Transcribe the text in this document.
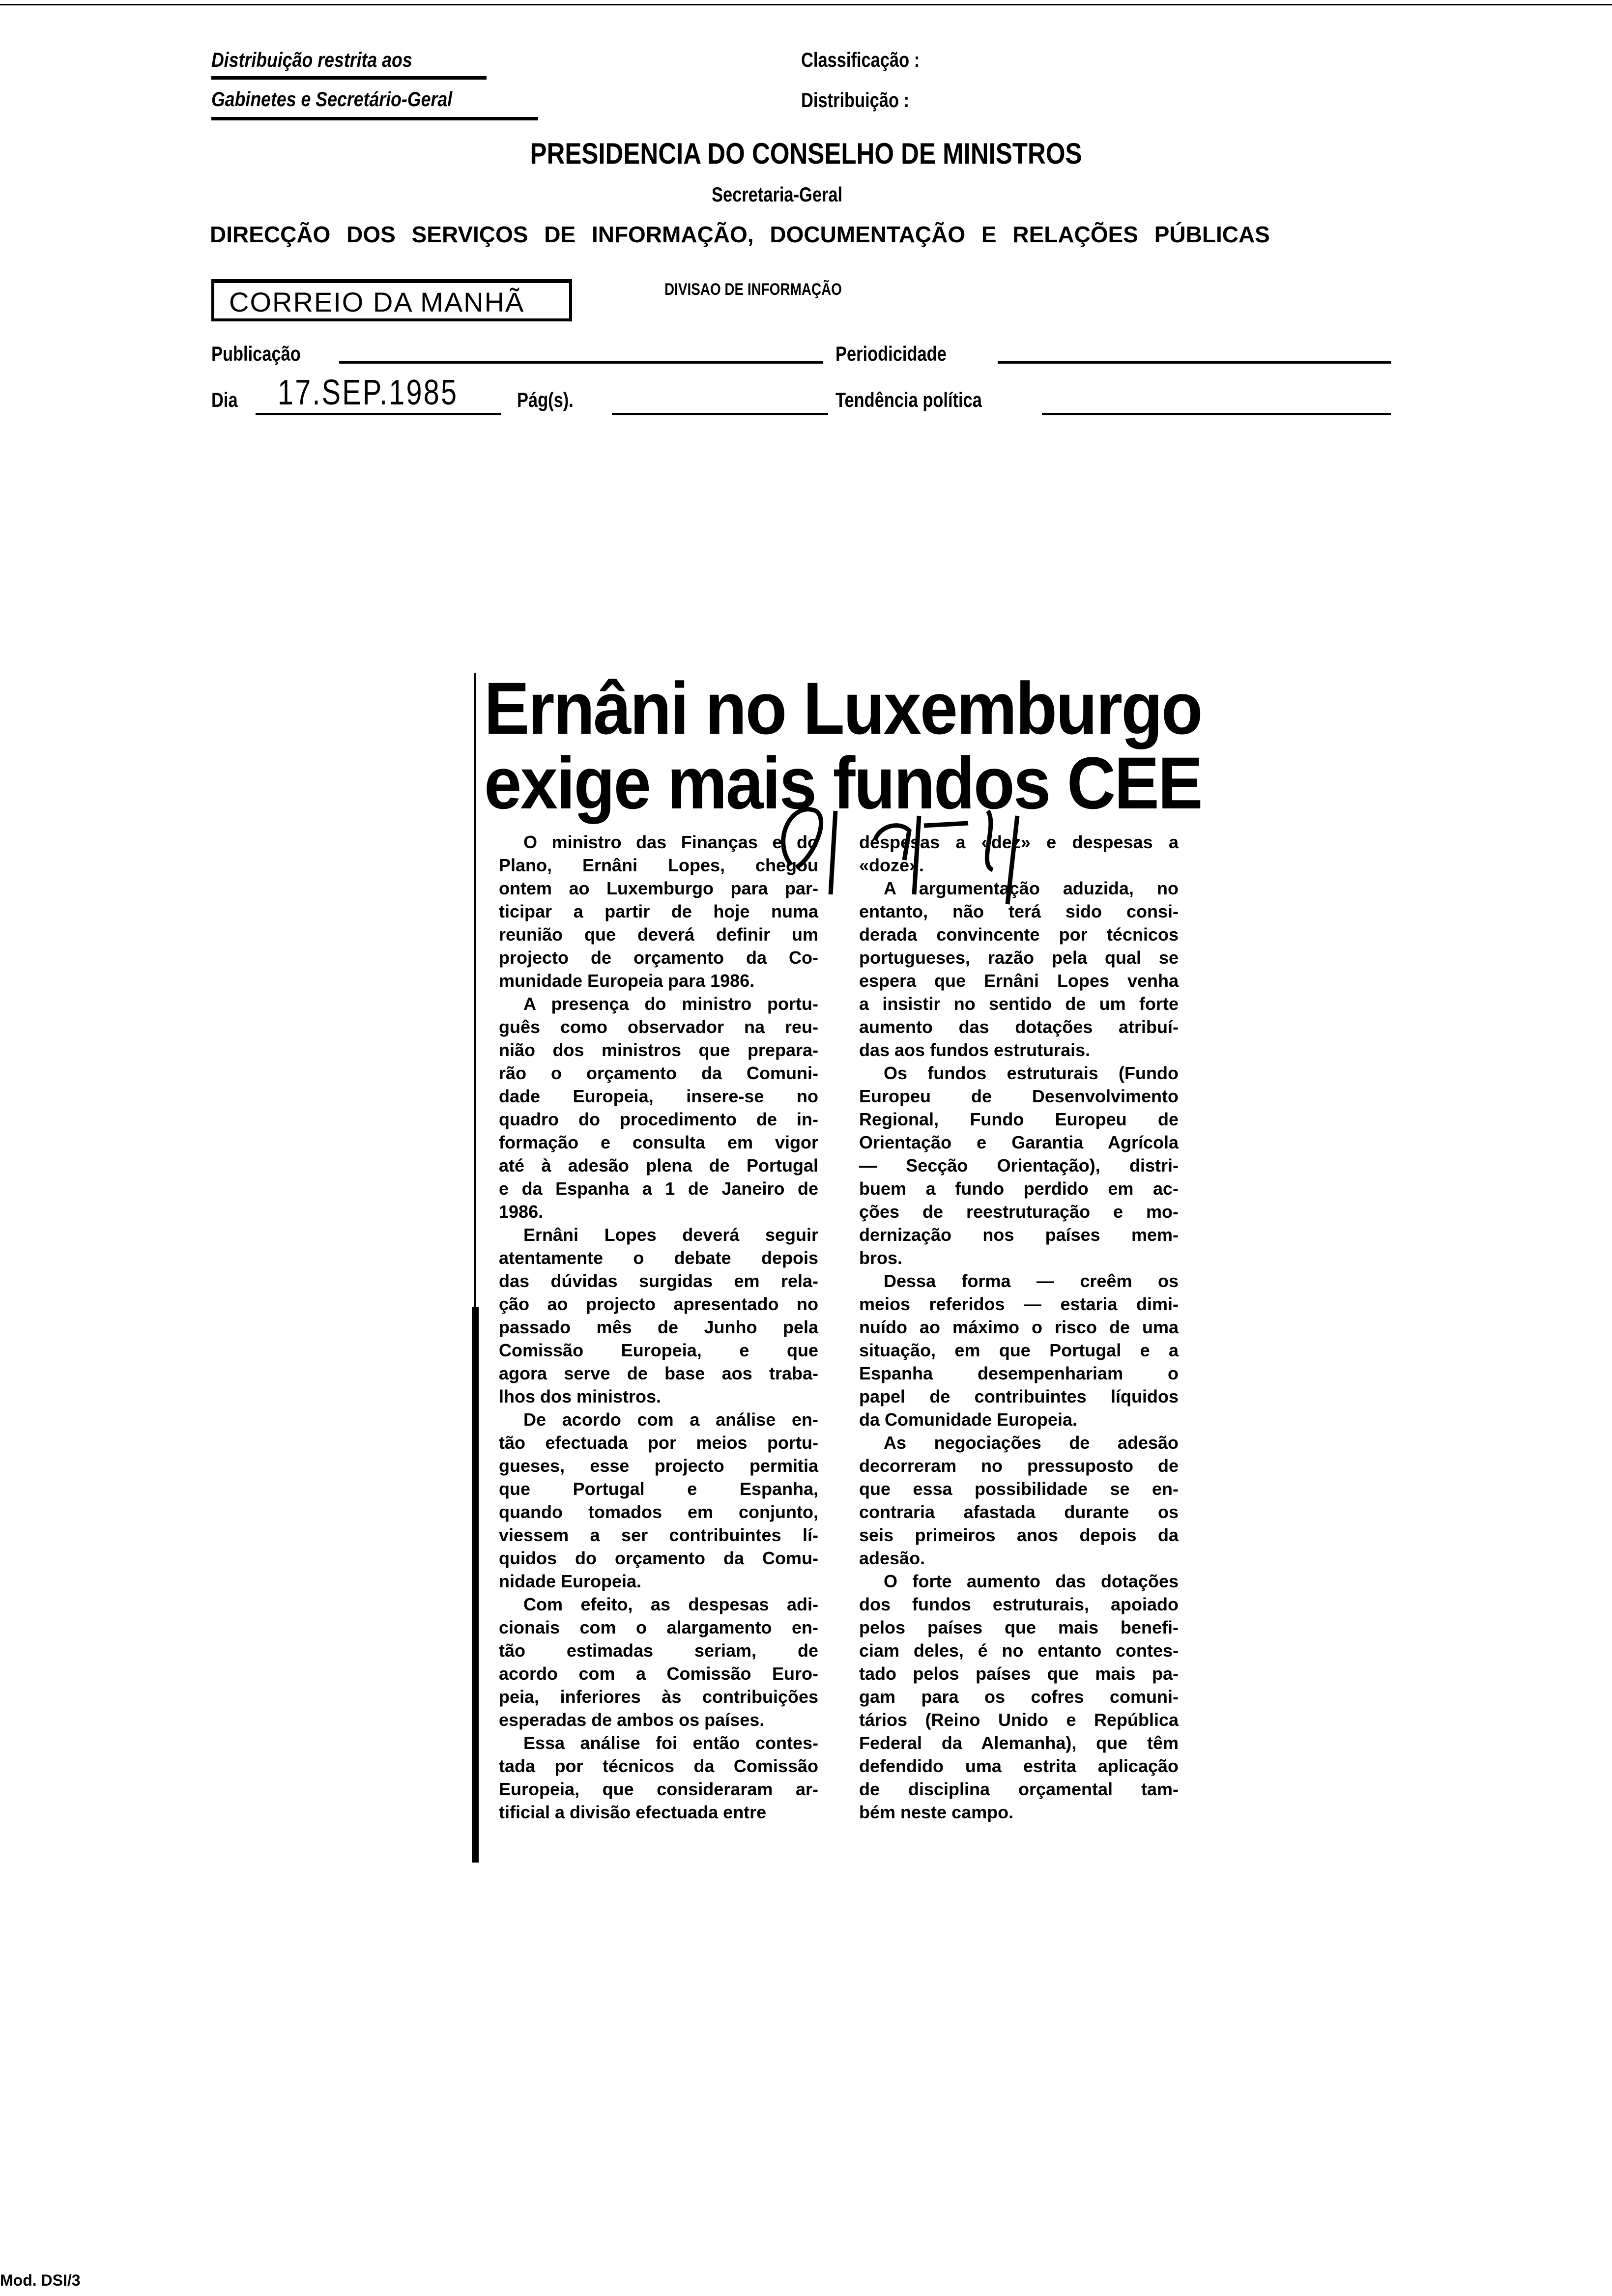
Distribuição restrita aos
Gabinetes e Secretário-Geral
Classificação :
Distribuição :
PRESIDENCIA DO CONSELHO DE MINISTROS
Secretaria-Geral
DIRECÇÃO DOS SERVIÇOS DE INFORMAÇÃO, DOCUMENTAÇÃO E RELAÇÕES PÚBLICAS
CORREIO DA MANHÃ	DIVISAO DE INFORMAÇÃO
Publicação	Periodicidade
Dia 17.SEP.1985	Pág(s).	Tendência política
Ernâni no Luxemburgo
exige mais fundos CEE
O ministro das Finanças e do
Plano, Ernâni Lopes, chegou
ontem ao Luxemburgo para par-
ticipar a partir de hoje numa
reunião que deverá definir um
projecto de orçamento da Co-
munidade Europeia para 1986.
A presença do ministro portu-
guês como observador na reu-
nião dos ministros que prepara-
rão o orçamento da Comuni-
dade Europeia, insere-se no
quadro do procedimento de in-
formação e consulta em vigor
até à adesão plena de Portugal
e da Espanha a 1 de Janeiro de
1986.
Ernâni Lopes deverá seguir
atentamente o debate depois
das dúvidas surgidas em rela-
ção ao projecto apresentado no
passado mês de Junho pela
Comissão Europeia, e que
agora serve de base aos traba-
lhos dos ministros.
De acordo com a análise en-
tão efectuada por meios portu-
gueses, esse projecto permitia
que Portugal e Espanha,
quando tomados em conjunto,
viessem a ser contribuintes lí-
quidos do orçamento da Comu-
nidade Europeia.
Com efeito, as despesas adi-
cionais com o alargamento en-
tão estimadas seriam, de
acordo com a Comissão Euro-
peia, inferiores às contribuições
esperadas de ambos os países.
Essa análise foi então contes-
tada por técnicos da Comissão
Europeia, que consideraram ar-
tificial a divisão efectuada entre
despesas a «dez» e despesas a
«doze».
A argumentação aduzida, no
entanto, não terá sido consi-
derada convincente por técnicos
portugueses, razão pela qual se
espera que Ernâni Lopes venha
a insistir no sentido de um forte
aumento das dotações atribuí-
das aos fundos estruturais.
Os fundos estruturais (Fundo
Europeu de Desenvolvimento
Regional, Fundo Europeu de
Orientação e Garantia Agrícola
— Secção Orientação), distri-
buem a fundo perdido em ac-
ções de reestruturação e mo-
dernização nos países mem-
bros.
Dessa forma — creêm os
meios referidos — estaria dimi-
nuído ao máximo o risco de uma
situação, em que Portugal e a
Espanha desempenhariam o
papel de contribuintes líquidos
da Comunidade Europeia.
As negociações de adesão
decorreram no pressuposto de
que essa possibilidade se en-
contraria afastada durante os
seis primeiros anos depois da
adesão.
O forte aumento das dotações
dos fundos estruturais, apoiado
pelos países que mais benefi-
ciam deles, é no entanto contes-
tado pelos países que mais pa-
gam para os cofres comuni-
tários (Reino Unido e República
Federal da Alemanha), que têm
defendido uma estrita aplicação
de disciplina orçamental tam-
bém neste campo.
Mod. DSI/3
